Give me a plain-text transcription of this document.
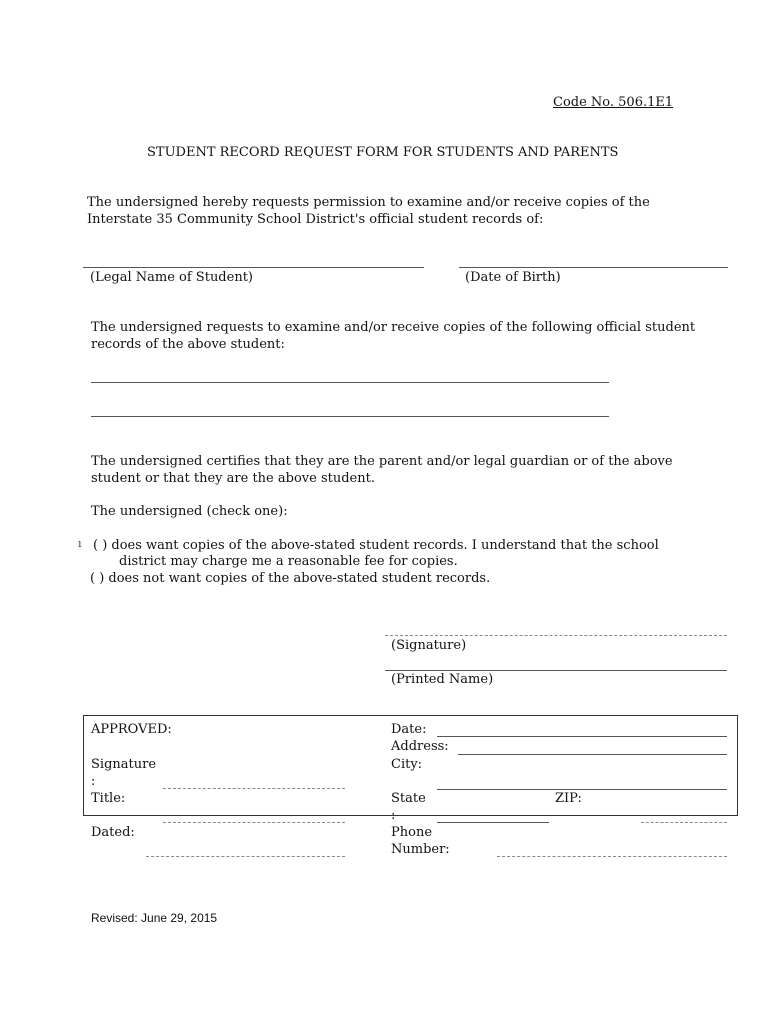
Code No. 506.1E1
STUDENT RECORD REQUEST FORM FOR STUDENTS AND PARENTS
The undersigned hereby requests permission to examine and/or receive copies of the
Interstate 35 Community School District's official student records of:
(Legal Name of Student)	(Date of Birth)
The undersigned requests to examine and/or receive copies of the following official student
records of the above student:
The undersigned certifies that they are the parent and/or legal guardian or of the above
student or that they are the above student.
The undersigned (check one):
ı ( ) does want copies of the above-stated student records. I understand that the school
district may charge me a reasonable fee for copies.
( ) does not want copies of the above-stated student records.
(Signature)
(Printed Name)
APPROVED:
Signature
:
Title:
Dated:
Date:
Address:
City:
State	ZIP:
:
Phone
Number:
Revised: June 29, 2015
